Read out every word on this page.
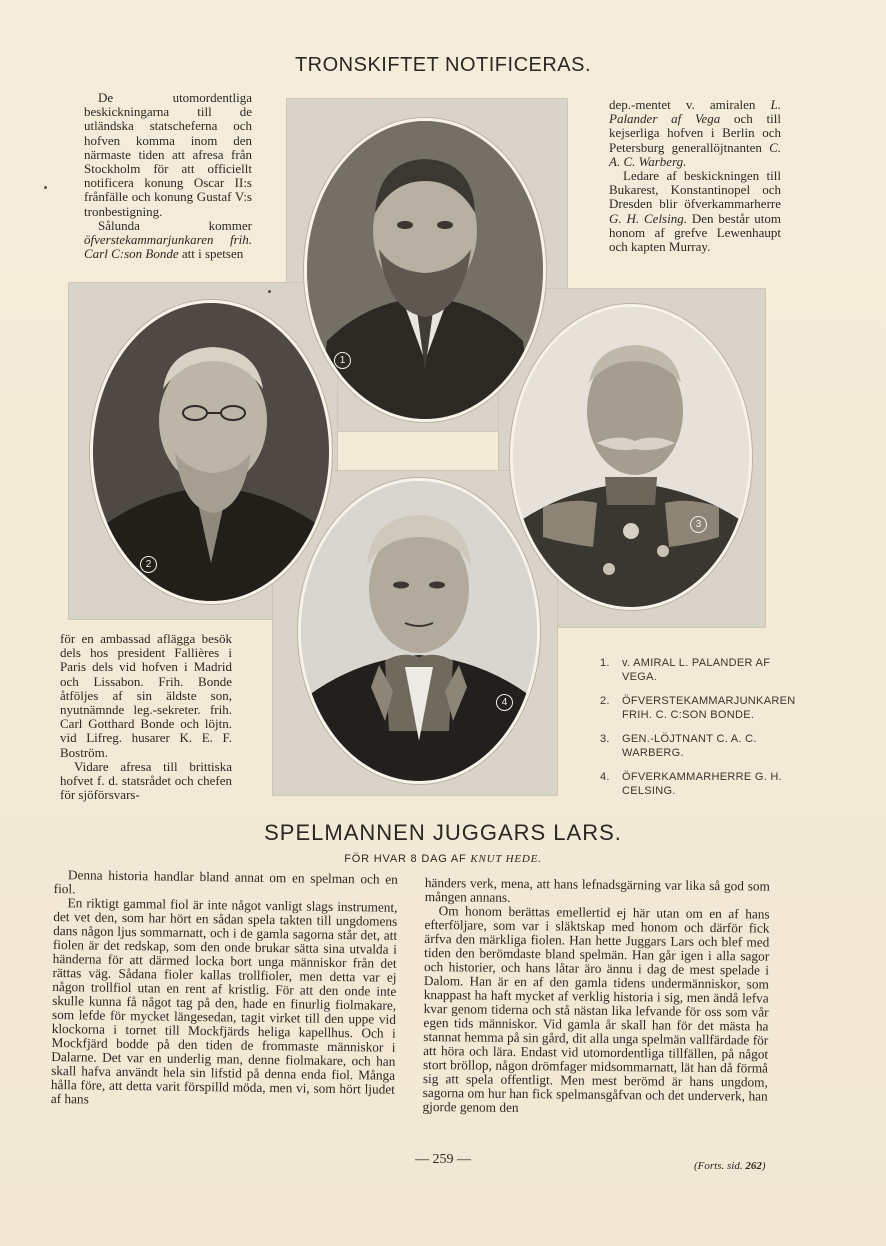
TRONSKIFTET NOTIFICERAS.

De utomordentliga beskickningarna till de utländska statscheferna och hofven komma inom den närmaste tiden att afresa från Stockholm för att officiellt notificera konung Oscar II:s frånfälle och konung Gustaf V:s tronbestigning.

Sålunda kommer öfverstekammarjunkaren frih. Carl C:son Bonde att i spetsen

1
2
3
4

dep.-mentet v. amiralen L. Palander af Vega och till kejserliga hofven i Berlin och Petersburg generallöjtnanten C. A. C. Warberg.

Ledare af beskickningen till Bukarest, Konstantinopel och Dresden blir öfverkammarherre G. H. Celsing. Den består utom honom af grefve Lewenhaupt och kapten Murray.

för en ambassad aflägga besök dels hos president Fallières i Paris dels vid hofven i Madrid och Lissabon. Frih. Bonde åtföljes af sin äldste son, nyutnämnde leg.-sekreter. frih. Carl Gotthard Bonde och löjtn. vid Lifreg. husarer K. E. F. Boström.

Vidare afresa till brittiska hofvet f. d. statsrådet och chefen för sjöförsvars-

1.	v. AMIRAL L. PALANDER AF VEGA.
2.	ÖFVERSTEKAMMARJUNKAREN FRIH. C. C:SON BONDE.
3.	GEN.-LÖJTNANT C. A. C. WARBERG.
4.	ÖFVERKAMMARHERRE G. H. CELSING.
SPELMANNEN JUGGARS LARS.
FÖR HVAR 8 DAG AF KNUT HEDE.

Denna historia handlar bland annat om en spelman och en fiol.

En riktigt gammal fiol är inte något vanligt slags instrument, det vet den, som har hört en sådan spela takten till ungdomens dans någon ljus sommarnatt, och i de gamla sagorna står det, att fiolen är det redskap, som den onde brukar sätta sina utvalda i händerna för att därmed locka bort unga människor från det rättas väg. Sådana fioler kallas trollfioler, men detta var ej någon trollfiol utan en rent af kristlig. För att den onde inte skulle kunna få något tag på den, hade en finurlig fiolmakare, som lefde för mycket längesedan, tagit virket till den uppe vid klockorna i tornet till Mockfjärds heliga kapellhus. Och i Mockfjärd bodde på den tiden de frommaste människor i Dalarne. Det var en underlig man, denne fiolmakare, och han skall hafva användt hela sin lifstid på denna enda fiol. Många hålla före, att detta varit förspilld möda, men vi, som hört ljudet af hans

händers verk, mena, att hans lefnadsgärning var lika så god som mången annans.

Om honom berättas emellertid ej här utan om en af hans efterföljare, som var i släktskap med honom och därför fick ärfva den märkliga fiolen. Han hette Juggars Lars och blef med tiden den berömdaste bland spelmän. Han går igen i alla sagor och historier, och hans låtar äro ännu i dag de mest spelade i Dalom. Han är en af den gamla tidens undermänniskor, som knappast ha haft mycket af verklig historia i sig, men ändå lefva kvar genom tiderna och stå nästan lika lefvande för oss som vår egen tids människor. Vid gamla år skall han för det mästa ha stannat hemma på sin gård, dit alla unga spelmän vallfärdade för att höra och lära. Endast vid utomordentliga tillfällen, på något stort bröllop, någon drömfager midsommarnatt, lät han då förmå sig att spela offentligt. Men mest berömd är hans ungdom, sagorna om hur han fick spelmansgåfvan och det underverk, han gjorde genom den

— 259 —	(Forts. sid. 262)
